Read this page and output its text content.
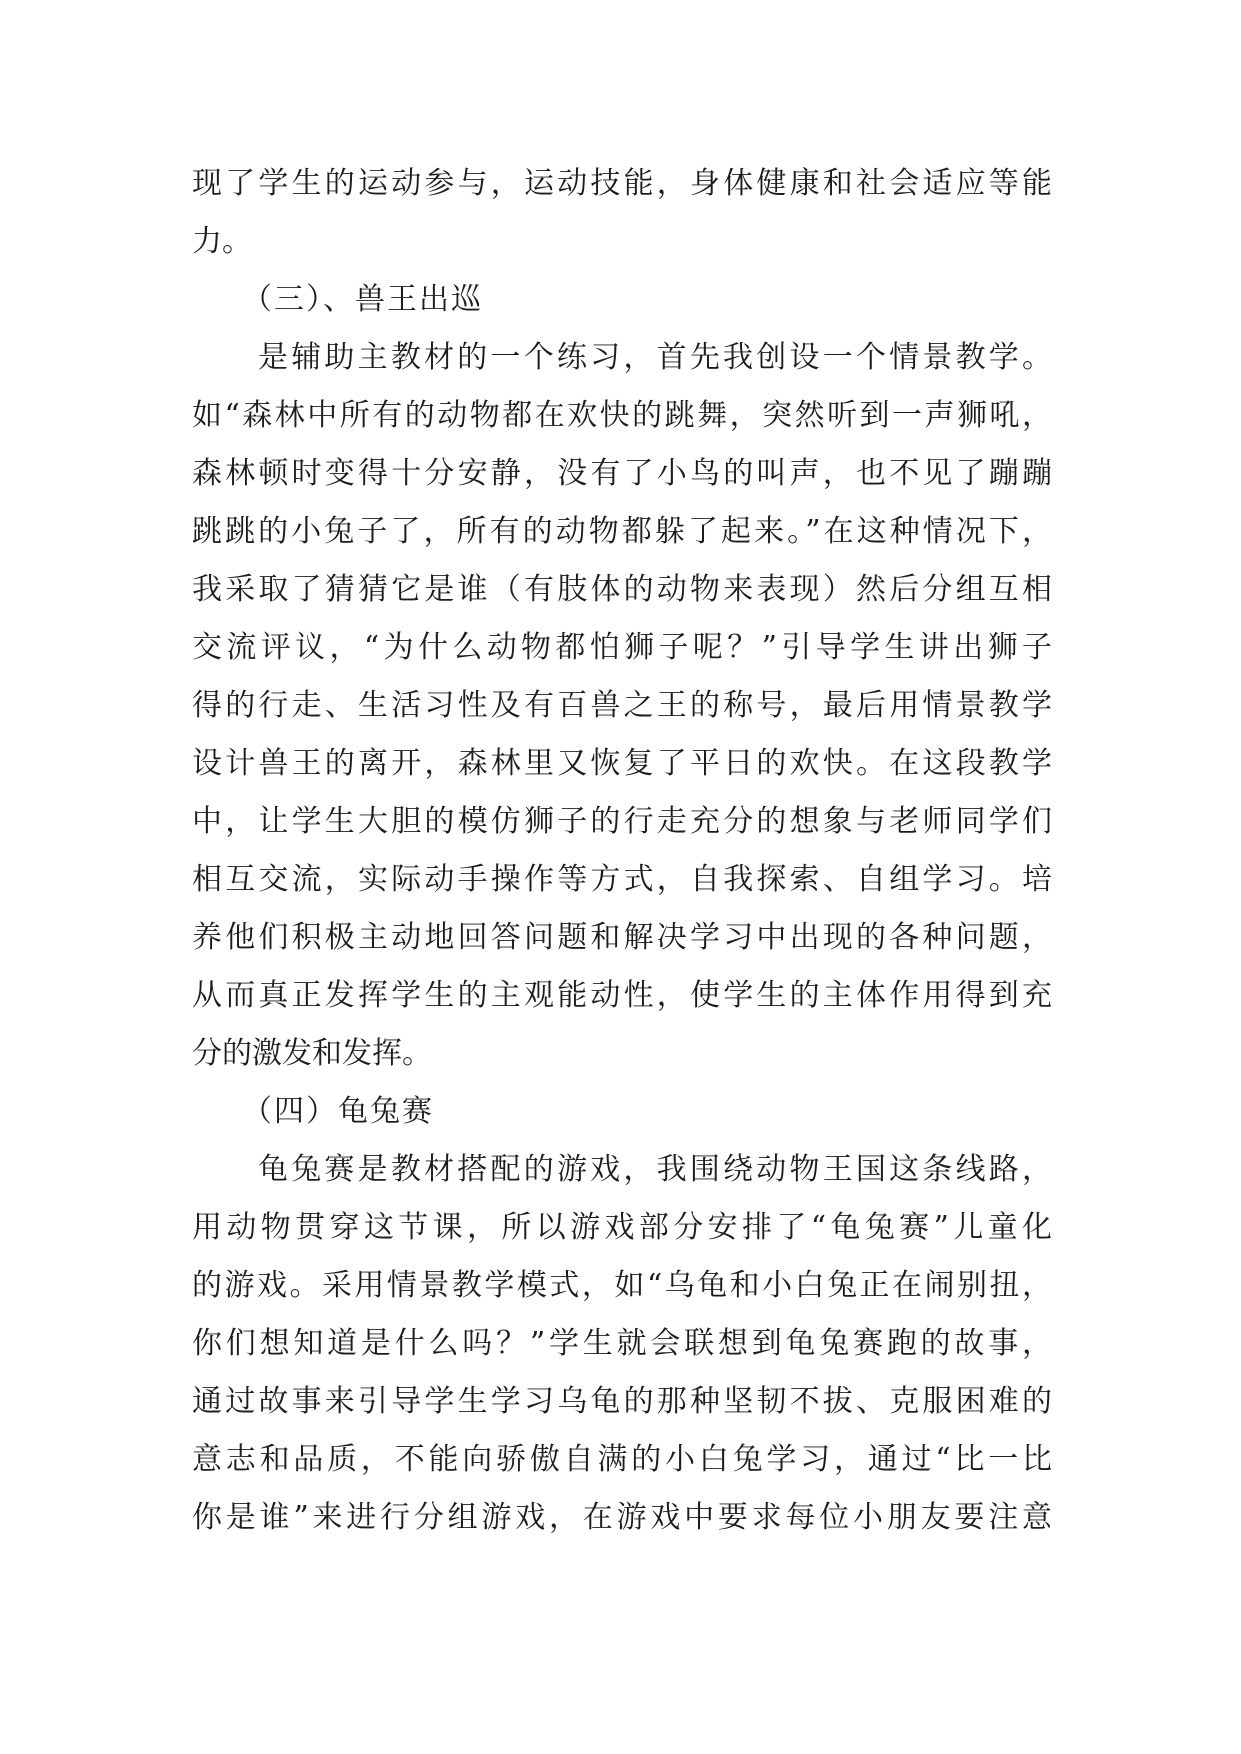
现了学生的运动参与，运动技能，身体健康和社会适应等能
力。
（三）、兽王出巡
是辅助主教材的一个练习，首先我创设一个情景教学。
如“森林中所有的动物都在欢快的跳舞，突然听到一声狮吼，
森林顿时变得十分安静，没有了小鸟的叫声，也不见了蹦蹦
跳跳的小兔子了，所有的动物都躲了起来。”在这种情况下，
我采取了猜猜它是谁（有肢体的动物来表现）然后分组互相
交流评议，“为什么动物都怕狮子呢？”引导学生讲出狮子
得的行走、生活习性及有百兽之王的称号，最后用情景教学
设计兽王的离开，森林里又恢复了平日的欢快。在这段教学
中，让学生大胆的模仿狮子的行走充分的想象与老师同学们
相互交流，实际动手操作等方式，自我探索、自组学习。培
养他们积极主动地回答问题和解决学习中出现的各种问题，
从而真正发挥学生的主观能动性，使学生的主体作用得到充
分的激发和发挥。
（四）龟兔赛
龟兔赛是教材搭配的游戏，我围绕动物王国这条线路，
用动物贯穿这节课，所以游戏部分安排了“龟兔赛”儿童化
的游戏。采用情景教学模式，如“乌龟和小白兔正在闹别扭，
你们想知道是什么吗？”学生就会联想到龟兔赛跑的故事，
通过故事来引导学生学习乌龟的那种坚韧不拔、克服困难的
意志和品质，不能向骄傲自满的小白兔学习，通过“比一比
你是谁”来进行分组游戏，在游戏中要求每位小朋友要注意
